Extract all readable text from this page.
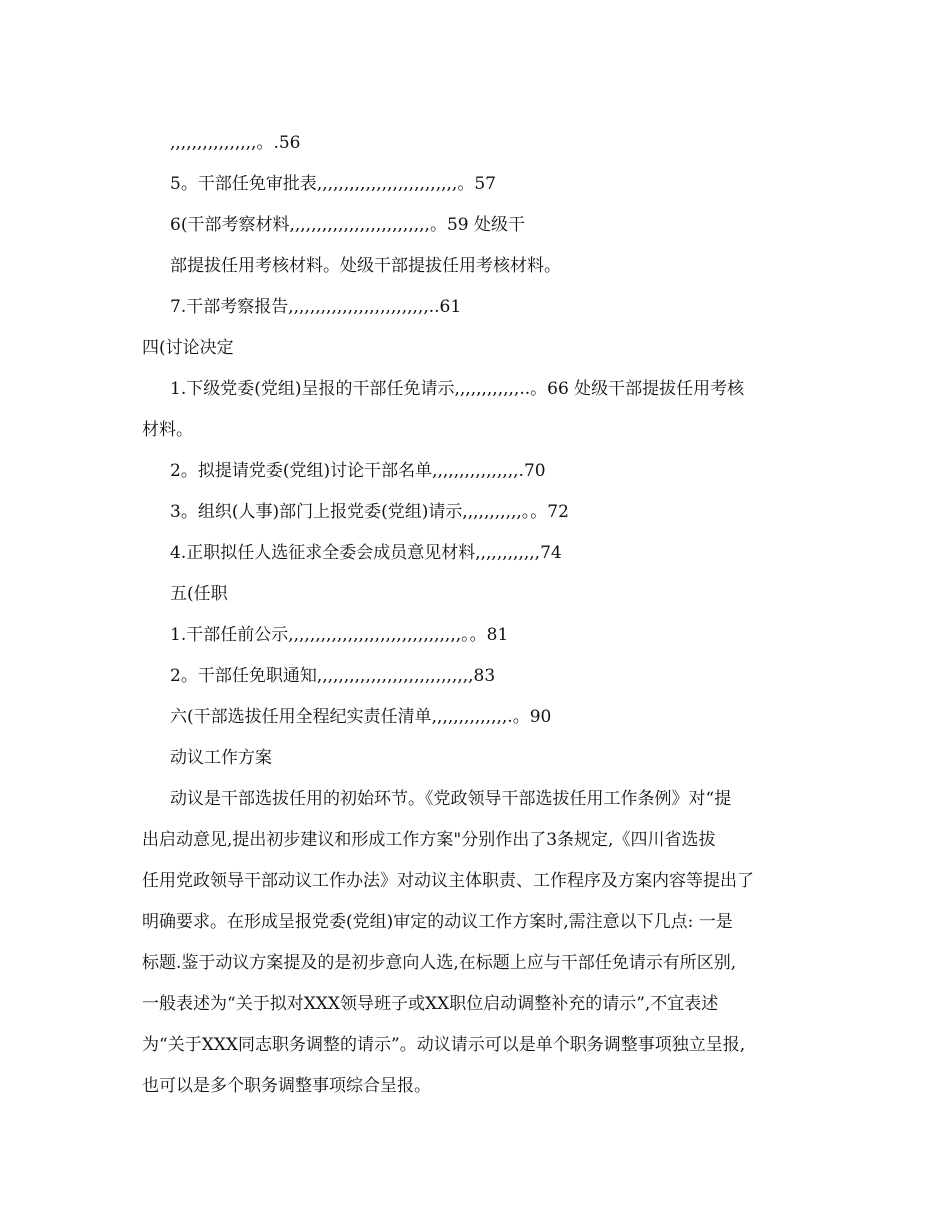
,,,,,,,,,,,,,,,,。.56
5。干部任免审批表,,,,,,,,,,,,,,,,,,,,,,,,,,。57
6(干部考察材料,,,,,,,,,,,,,,,,,,,,,,,,,,。59 处级干
部提拔任用考核材料。处级干部提拔任用考核材料。
7.干部考察报告,,,,,,,,,,,,,,,,,,,,,,,,,,..61
四(讨论决定
1.下级党委(党组)呈报的干部任免请示,,,,,,,,,,,,..。66 处级干部提拔任用考核
材料。
2。拟提请党委(党组)讨论干部名单,,,,,,,,,,,,,,,,.70
3。组织(人事)部门上报党委(党组)请示,,,,,,,,,,,。。72
4.正职拟任人选征求全委会成员意见材料,,,,,,,,,,,,74
五(任职
1.干部任前公示,,,,,,,,,,,,,,,,,,,,,,,,,,,,,,,,。。81
2。干部任免职通知,,,,,,,,,,,,,,,,,,,,,,,,,,,,,83
六(干部选拔任用全程纪实责任清单,,,,,,,,,,,,,,.。90
动议工作方案
动议是干部选拔任用的初始环节。《党政领导干部选拔任用工作条例》对“提
出启动意见,提出初步建议和形成工作方案"分别作出了3条规定,《四川省选拔
任用党政领导干部动议工作办法》对动议主体职责、工作程序及方案内容等提出了
明确要求。在形成呈报党委(党组)审定的动议工作方案时,需注意以下几点: 一是
标题.鉴于动议方案提及的是初步意向人选,在标题上应与干部任免请示有所区别,
一般表述为“关于拟对XXX领导班子或XX职位启动调整补充的请示”,不宜表述
为“关于XXX同志职务调整的请示”。动议请示可以是单个职务调整事项独立呈报,
也可以是多个职务调整事项综合呈报。
